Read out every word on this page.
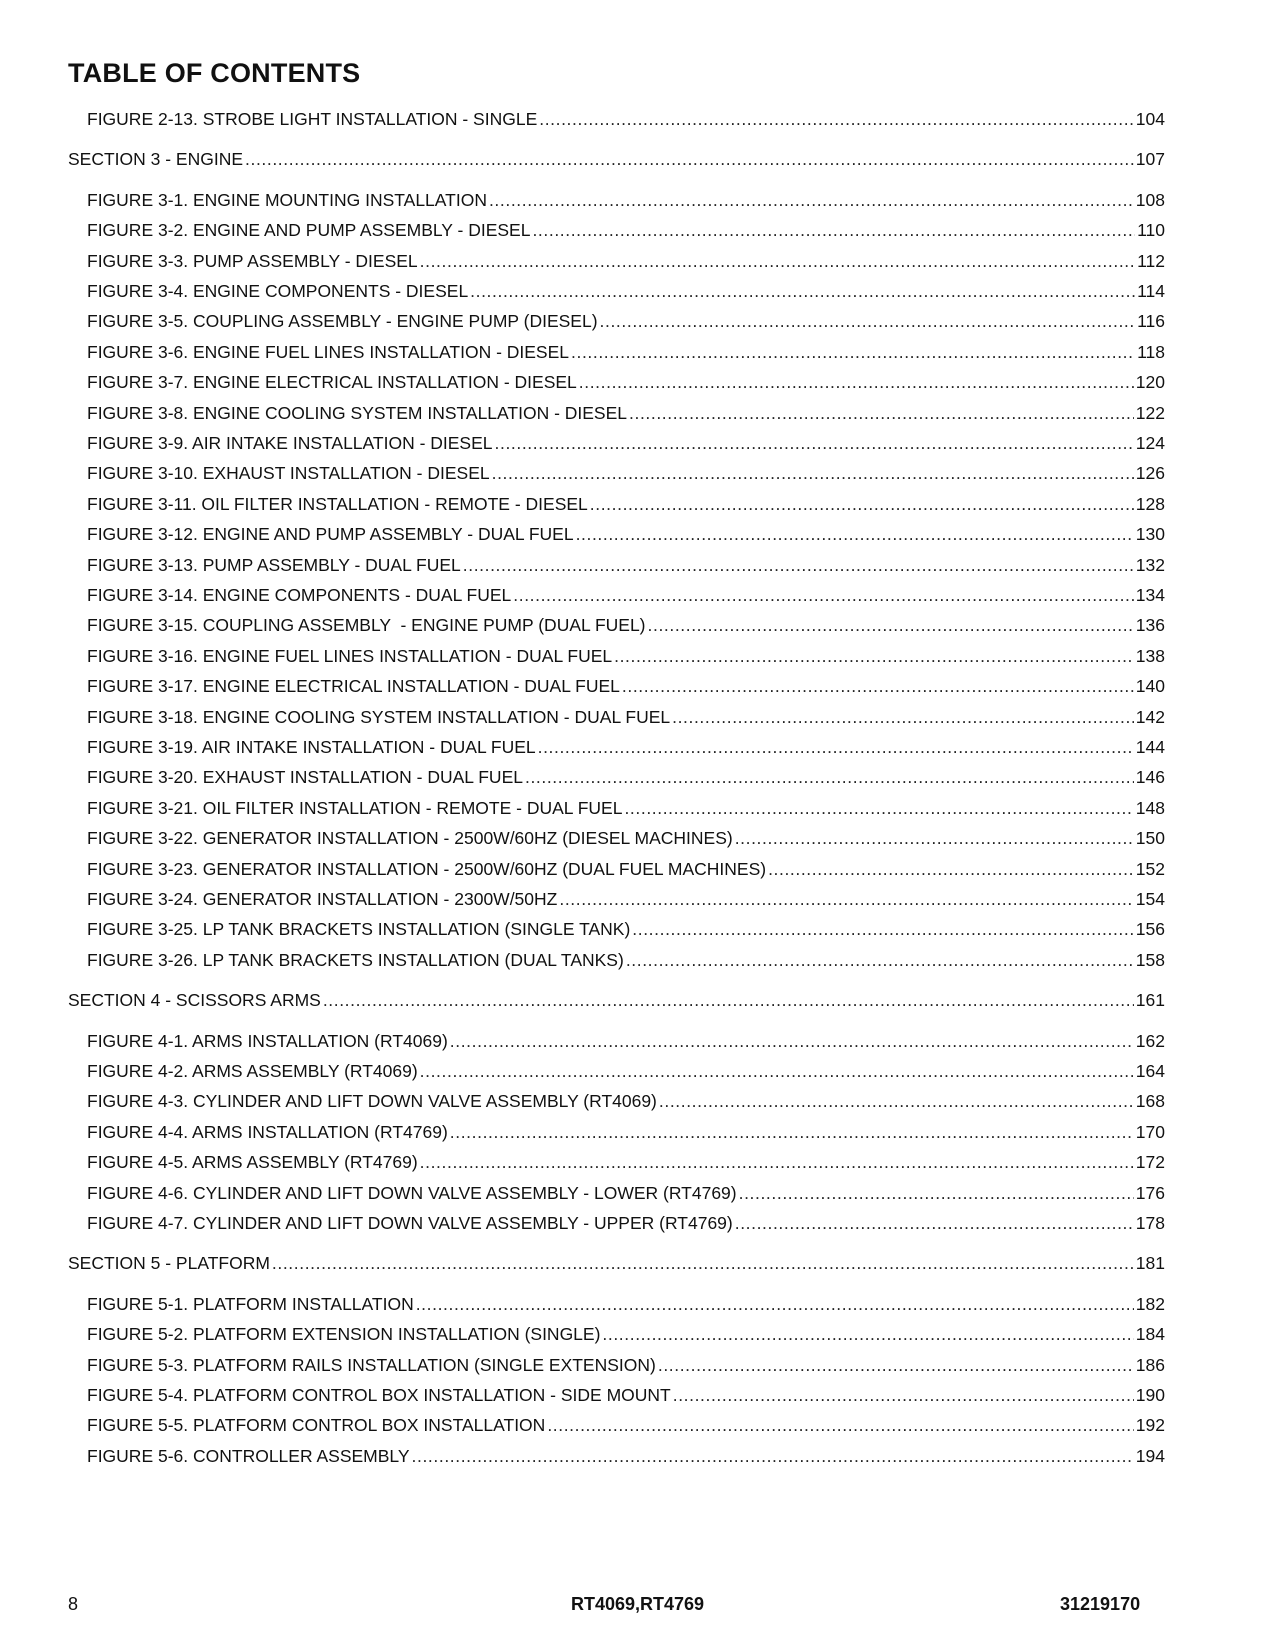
TABLE OF CONTENTS
FIGURE 2-13. STROBE LIGHT INSTALLATION - SINGLE .....	104
SECTION 3 - ENGINE .....	107
FIGURE 3-1. ENGINE MOUNTING INSTALLATION .....	108
FIGURE 3-2. ENGINE AND PUMP ASSEMBLY - DIESEL .....	110
FIGURE 3-3. PUMP ASSEMBLY - DIESEL .....	112
FIGURE 3-4. ENGINE COMPONENTS - DIESEL .....	114
FIGURE 3-5. COUPLING ASSEMBLY - ENGINE PUMP (DIESEL) .....	116
FIGURE 3-6. ENGINE FUEL LINES INSTALLATION - DIESEL .....	118
FIGURE 3-7. ENGINE ELECTRICAL INSTALLATION - DIESEL .....	120
FIGURE 3-8. ENGINE COOLING SYSTEM INSTALLATION - DIESEL .....	122
FIGURE 3-9. AIR INTAKE INSTALLATION - DIESEL .....	124
FIGURE 3-10. EXHAUST INSTALLATION - DIESEL .....	126
FIGURE 3-11. OIL FILTER INSTALLATION - REMOTE - DIESEL .....	128
FIGURE 3-12. ENGINE AND PUMP ASSEMBLY - DUAL FUEL .....	130
FIGURE 3-13. PUMP ASSEMBLY - DUAL FUEL .....	132
FIGURE 3-14. ENGINE COMPONENTS - DUAL FUEL .....	134
FIGURE 3-15. COUPLING ASSEMBLY  - ENGINE PUMP (DUAL FUEL) .....	136
FIGURE 3-16. ENGINE FUEL LINES INSTALLATION - DUAL FUEL .....	138
FIGURE 3-17. ENGINE ELECTRICAL INSTALLATION - DUAL FUEL .....	140
FIGURE 3-18. ENGINE COOLING SYSTEM INSTALLATION - DUAL FUEL .....	142
FIGURE 3-19. AIR INTAKE INSTALLATION - DUAL FUEL .....	144
FIGURE 3-20. EXHAUST INSTALLATION - DUAL FUEL .....	146
FIGURE 3-21. OIL FILTER INSTALLATION - REMOTE - DUAL FUEL .....	148
FIGURE 3-22. GENERATOR INSTALLATION - 2500W/60HZ (DIESEL MACHINES) .....	150
FIGURE 3-23. GENERATOR INSTALLATION - 2500W/60HZ (DUAL FUEL MACHINES) .....	152
FIGURE 3-24. GENERATOR INSTALLATION - 2300W/50HZ .....	154
FIGURE 3-25. LP TANK BRACKETS INSTALLATION (SINGLE TANK) .....	156
FIGURE 3-26. LP TANK BRACKETS INSTALLATION (DUAL TANKS) .....	158
SECTION 4 - SCISSORS ARMS .....	161
FIGURE 4-1. ARMS INSTALLATION (RT4069) .....	162
FIGURE 4-2. ARMS ASSEMBLY (RT4069) .....	164
FIGURE 4-3. CYLINDER AND LIFT DOWN VALVE ASSEMBLY (RT4069) .....	168
FIGURE 4-4. ARMS INSTALLATION (RT4769) .....	170
FIGURE 4-5. ARMS ASSEMBLY (RT4769) .....	172
FIGURE 4-6. CYLINDER AND LIFT DOWN VALVE ASSEMBLY - LOWER (RT4769) .....	176
FIGURE 4-7. CYLINDER AND LIFT DOWN VALVE ASSEMBLY - UPPER (RT4769) .....	178
SECTION 5 - PLATFORM .....	181
FIGURE 5-1. PLATFORM INSTALLATION .....	182
FIGURE 5-2. PLATFORM EXTENSION INSTALLATION (SINGLE) .....	184
FIGURE 5-3. PLATFORM RAILS INSTALLATION (SINGLE EXTENSION) .....	186
FIGURE 5-4. PLATFORM CONTROL BOX INSTALLATION - SIDE MOUNT .....	190
FIGURE 5-5. PLATFORM CONTROL BOX INSTALLATION .....	192
FIGURE 5-6. CONTROLLER ASSEMBLY .....	194
8	RT4069,RT4769	31219170
